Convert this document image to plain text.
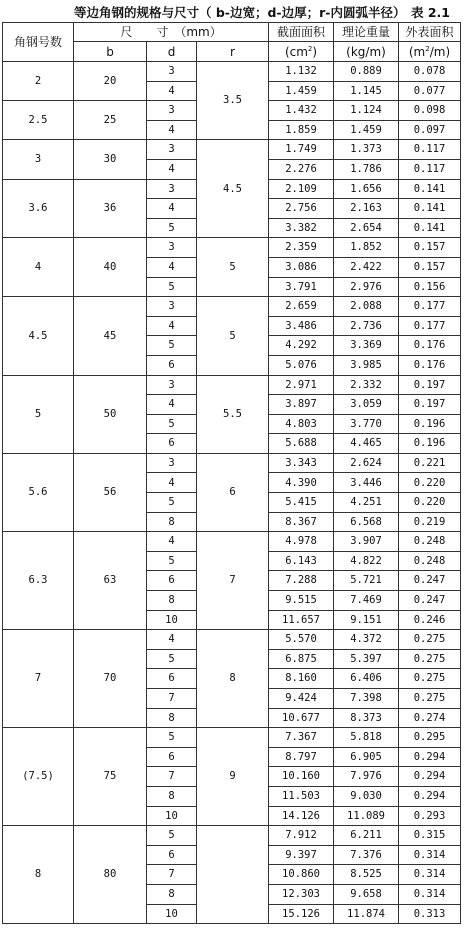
等边角钢的规格与尺寸（ b-边宽；d-边厚；r-内圆弧半径） 表 2.1
角钢号数	尺　　寸　（mm）			截面面积	理论重量	外表面积
	b	d	r	$(cm^2)$	(kg/m)	$(m^2/m)$
2	20	3	3.5	1.132	0.889	0.078
		4		1.459	1.145	0.077
2.5	25	3		1.432	1.124	0.098
		4		1.859	1.459	0.097
3	30	3	4.5	1.749	1.373	0.117
		4		2.276	1.786	0.117
3.6	36	3		2.109	1.656	0.141
		4		2.756	2.163	0.141
		5		3.382	2.654	0.141
4	40	3	5	2.359	1.852	0.157
		4		3.086	2.422	0.157
		5		3.791	2.976	0.156
4.5	45	3	5	2.659	2.088	0.177
		4		3.486	2.736	0.177
		5		4.292	3.369	0.176
		6		5.076	3.985	0.176
5	50	3	5.5	2.971	2.332	0.197
		4		3.897	3.059	0.197
		5		4.803	3.770	0.196
		6		5.688	4.465	0.196
5.6	56	3	6	3.343	2.624	0.221
		4		4.390	3.446	0.220
		5		5.415	4.251	0.220
		8		8.367	6.568	0.219
6.3	63	4	7	4.978	3.907	0.248
		5		6.143	4.822	0.248
		6		7.288	5.721	0.247
		8		9.515	7.469	0.247
		10		11.657	9.151	0.246
7	70	4	8	5.570	4.372	0.275
		5		6.875	5.397	0.275
		6		8.160	6.406	0.275
		7		9.424	7.398	0.275
		8		10.677	8.373	0.274
(7.5)	75	5	9	7.367	5.818	0.295
		6		8.797	6.905	0.294
		7		10.160	7.976	0.294
		8		11.503	9.030	0.294
		10		14.126	11.089	0.293
8	80	5		7.912	6.211	0.315
		6		9.397	7.376	0.314
		7		10.860	8.525	0.314
		8		12.303	9.658	0.314
		10		15.126	11.874	0.313
